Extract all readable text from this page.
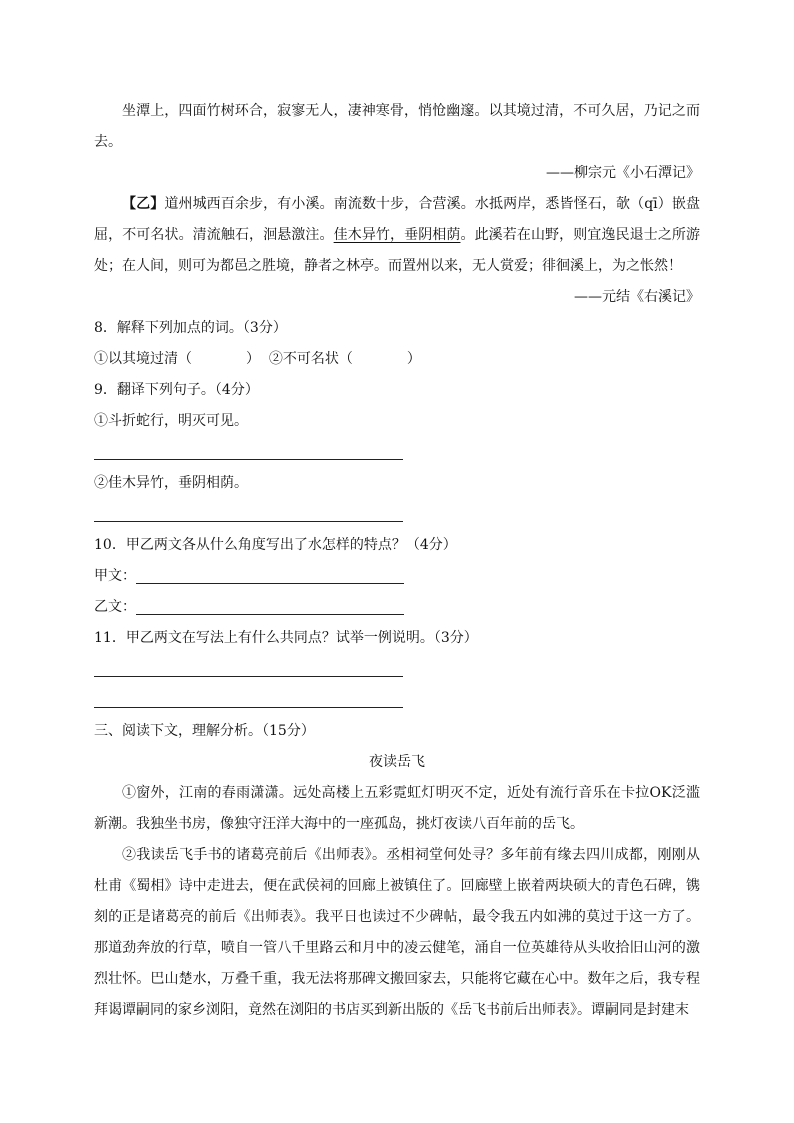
坐潭上，四面竹树环合，寂寥无人，凄神寒骨，悄怆幽邃。以其境过清，不可久居，乃记之而去。

——柳宗元《小石潭记》

【乙】道州城西百余步，有小溪。南流数十步，合营溪。水抵两岸，悉皆怪石，欹（qī）嵌盘屈，不可名状。清流触石，洄悬激注。佳木异竹，垂阴相荫。此溪若在山野，则宜逸民退士之所游处；在人间，则可为都邑之胜境，静者之林亭。而置州以来，无人赏爱；徘徊溪上，为之怅然！

——元结《右溪记》

8．解释下列加点的词。（3分）

①以其境过清（	） ②不可名状（	）

9．翻译下列句子。（4分）

①斗折蛇行，明灭可见。

②佳木异竹，垂阴相荫。

10．甲乙两文各从什么角度写出了水怎样的特点？（4分）

甲文：
乙文：

11．甲乙两文在写法上有什么共同点？试举一例说明。（3分）

三、阅读下文，理解分析。（15分）

夜读岳飞

①窗外，江南的春雨潇潇。远处高楼上五彩霓虹灯明灭不定，近处有流行音乐在卡拉OK泛滥新潮。我独坐书房，像独守汪洋大海中的一座孤岛，挑灯夜读八百年前的岳飞。

②我读岳飞手书的诸葛亮前后《出师表》。丞相祠堂何处寻？多年前有缘去四川成都，刚刚从杜甫《蜀相》诗中走进去，便在武侯祠的回廊上被镇住了。回廊壁上嵌着两块硕大的青色石碑，镌刻的正是诸葛亮的前后《出师表》。我平日也读过不少碑帖，最令我五内如沸的莫过于这一方了。那道劲奔放的行草，喷自一管八千里路云和月中的凌云健笔，涌自一位英雄待从头收拾旧山河的激烈壮怀。巴山楚水，万叠千重，我无法将那碑文搬回家去，只能将它藏在心中。数年之后，我专程拜谒谭嗣同的家乡浏阳，竟然在浏阳的书店买到新出版的《岳飞书前后出师表》。谭嗣同是封建末
